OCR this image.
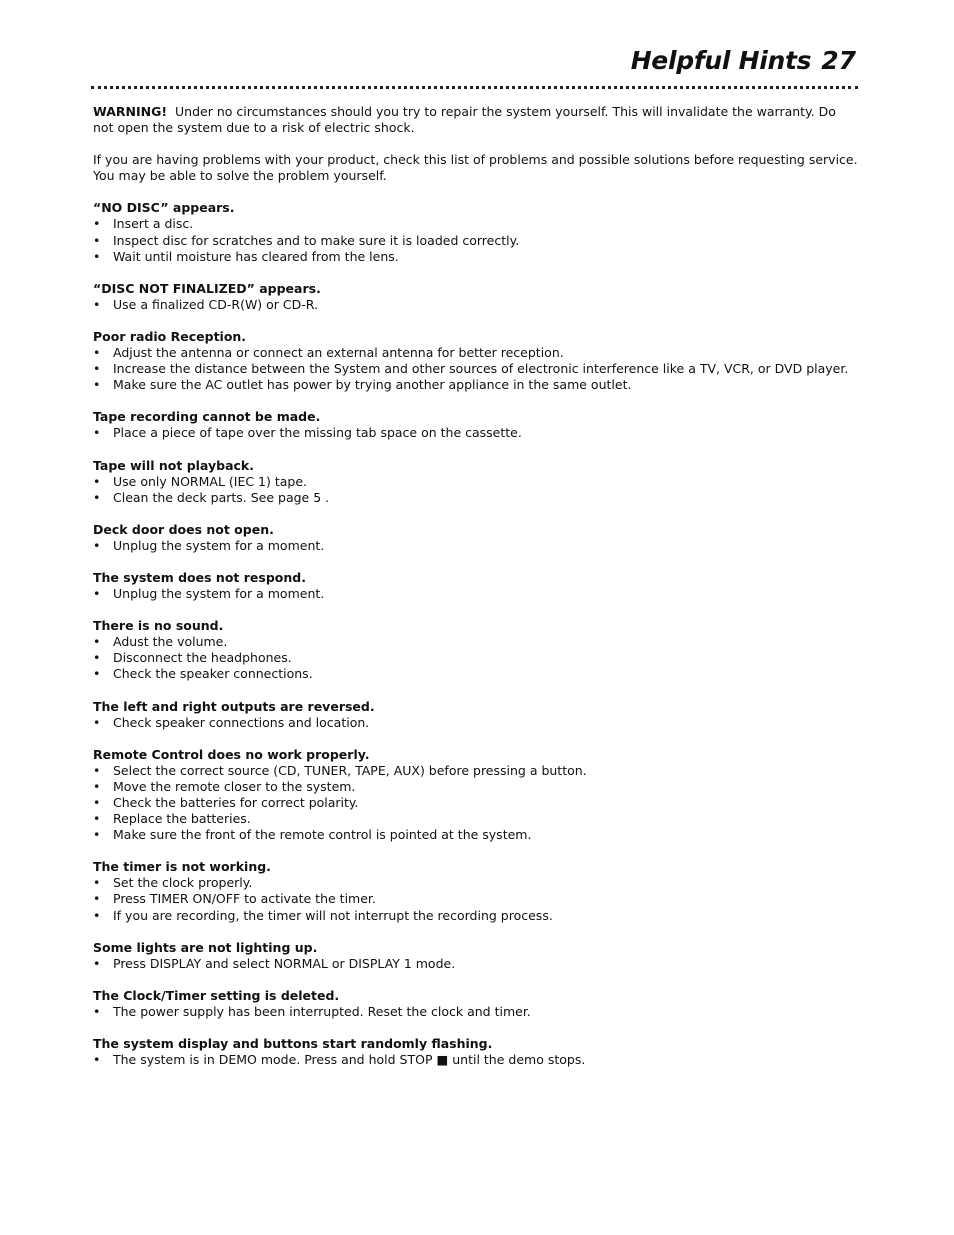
Helpful Hints 27

WARNING! Under no circumstances should you try to repair the system yourself. This will invalidate the warranty. Do not open the system due to a risk of electric shock.

If you are having problems with your product, check this list of problems and possible solutions before requesting service. You may be able to solve the problem yourself.

“NO DISC” appears.
• Insert a disc.
• Inspect disc for scratches and to make sure it is loaded correctly.
• Wait until moisture has cleared from the lens.
“DISC NOT FINALIZED” appears.
• Use a finalized CD-R(W) or CD-R.
Poor radio Reception.
• Adjust the antenna or connect an external antenna for better reception.
• Increase the distance between the System and other sources of electronic interference like a TV, VCR, or DVD player.
• Make sure the AC outlet has power by trying another appliance in the same outlet.
Tape recording cannot be made.
• Place a piece of tape over the missing tab space on the cassette.
Tape will not playback.
• Use only NORMAL (IEC 1) tape.
• Clean the deck parts. See page 5 .
Deck door does not open.
• Unplug the system for a moment.
The system does not respond.
• Unplug the system for a moment.
There is no sound.
• Adust the volume.
• Disconnect the headphones.
• Check the speaker connections.
The left and right outputs are reversed.
• Check speaker connections and location.
Remote Control does no work properly.
• Select the correct source (CD, TUNER, TAPE, AUX) before pressing a button.
• Move the remote closer to the system.
• Check the batteries for correct polarity.
• Replace the batteries.
• Make sure the front of the remote control is pointed at the system.
The timer is not working.
• Set the clock properly.
• Press TIMER ON/OFF to activate the timer.
• If you are recording, the timer will not interrupt the recording process.
Some lights are not lighting up.
• Press DISPLAY and select NORMAL or DISPLAY 1 mode.
The Clock/Timer setting is deleted.
• The power supply has been interrupted. Reset the clock and timer.
The system display and buttons start randomly flashing.
• The system is in DEMO mode. Press and hold STOP ■ until the demo stops.
